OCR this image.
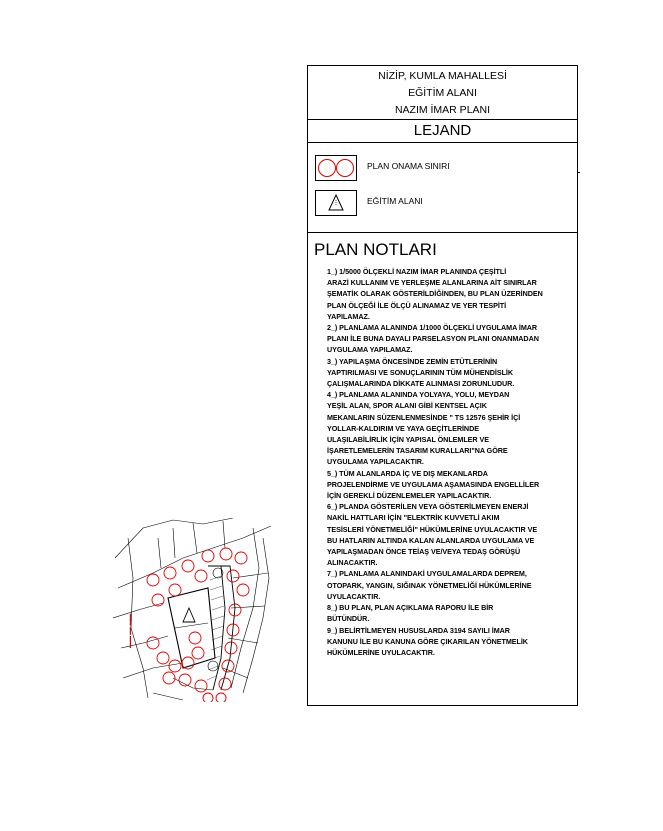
NİZİP, KUMLA MAHALLESİ
EĞİTİM ALANI
NAZIM İMAR PLANI
LEJAND
PLAN ONAMA SINIRI
EĞİTİM ALANI
PLAN NOTLARI
1_) 1/5000 ÖLÇEKLİ NAZIM İMAR PLANINDA ÇEŞİTLİ
ARAZİ KULLANIM VE YERLEŞME ALANLARINA AİT SINIRLAR
ŞEMATİK OLARAK GÖSTERİLDİĞİNDEN, BU PLAN ÜZERİNDEN
PLAN ÖLÇEĞİ İLE ÖLÇÜ ALINAMAZ VE YER TESPİTİ
YAPILAMAZ.
2_) PLANLAMA ALANINDA 1/1000 ÖLÇEKLİ UYGULAMA İMAR
PLANI İLE BUNA DAYALI PARSELASYON PLANI ONANMADAN
UYGULAMA YAPILAMAZ.
3_) YAPILAŞMA ÖNCESİNDE ZEMİN ETÜTLERİNİN
YAPTIRILMASI VE SONUÇLARININ TÜM MÜHENDİSLİK
ÇALIŞMALARINDA DİKKATE ALINMASI ZORUNLUDUR.
4_) PLANLAMA ALANINDA YOLYAYA, YOLU, MEYDAN
YEŞİL ALAN, SPOR ALANI GİBİ KENTSEL AÇIK
MEKANLARIN SÜZENLENMESİNDE " TS 12576 ŞEHİR İÇİ
YOLLAR-KALDIRIM VE YAYA GEÇİTLERİNDE
ULAŞILABİLİRLİK İÇİN YAPISAL ÖNLEMLER VE
İŞARETLEMELERİN TASARIM KURALLARI"NA GÖRE
UYGULAMA YAPILACAKTIR.
5_) TÜM ALANLARDA İÇ VE DIŞ MEKANLARDA
PROJELENDİRME VE UYGULAMA AŞAMASINDA ENGELLİLER
İÇİN GEREKLİ DÜZENLEMELER YAPILACAKTIR.
6_) PLANDA GÖSTERİLEN VEYA GÖSTERİLMEYEN ENERJİ
NAKİL HATTLARI İÇİN "ELEKTRİK KUVVETLİ AKIM
TESİSLERİ YÖNETMELİĞİ" HÜKÜMLERİNE UYULACAKTIR VE
BU HATLARIN ALTINDA KALAN ALANLARDA UYGULAMA VE
YAPILAŞMADAN ÖNCE TEİAŞ VE/VEYA TEDAŞ GÖRÜŞÜ
ALINACAKTIR.
7_) PLANLAMA ALANINDAKİ UYGULAMALARDA DEPREM,
OTOPARK, YANGIN, SIĞINAK YÖNETMELİĞİ HÜKÜMLERİNE
UYULACAKTIR.
8_) BU PLAN, PLAN AÇIKLAMA RAPORU İLE BİR
BÜTÜNDÜR.
9_) BELİRTİLMEYEN HUSUSLARDA 3194 SAYILI İMAR
KANUNU İLE BU KANUNA GÖRE ÇIKARILAN YÖNETMELİK
HÜKÜMLERİNE UYULACAKTIR.
▬▬▬ ▬▬ ▬▬▬
